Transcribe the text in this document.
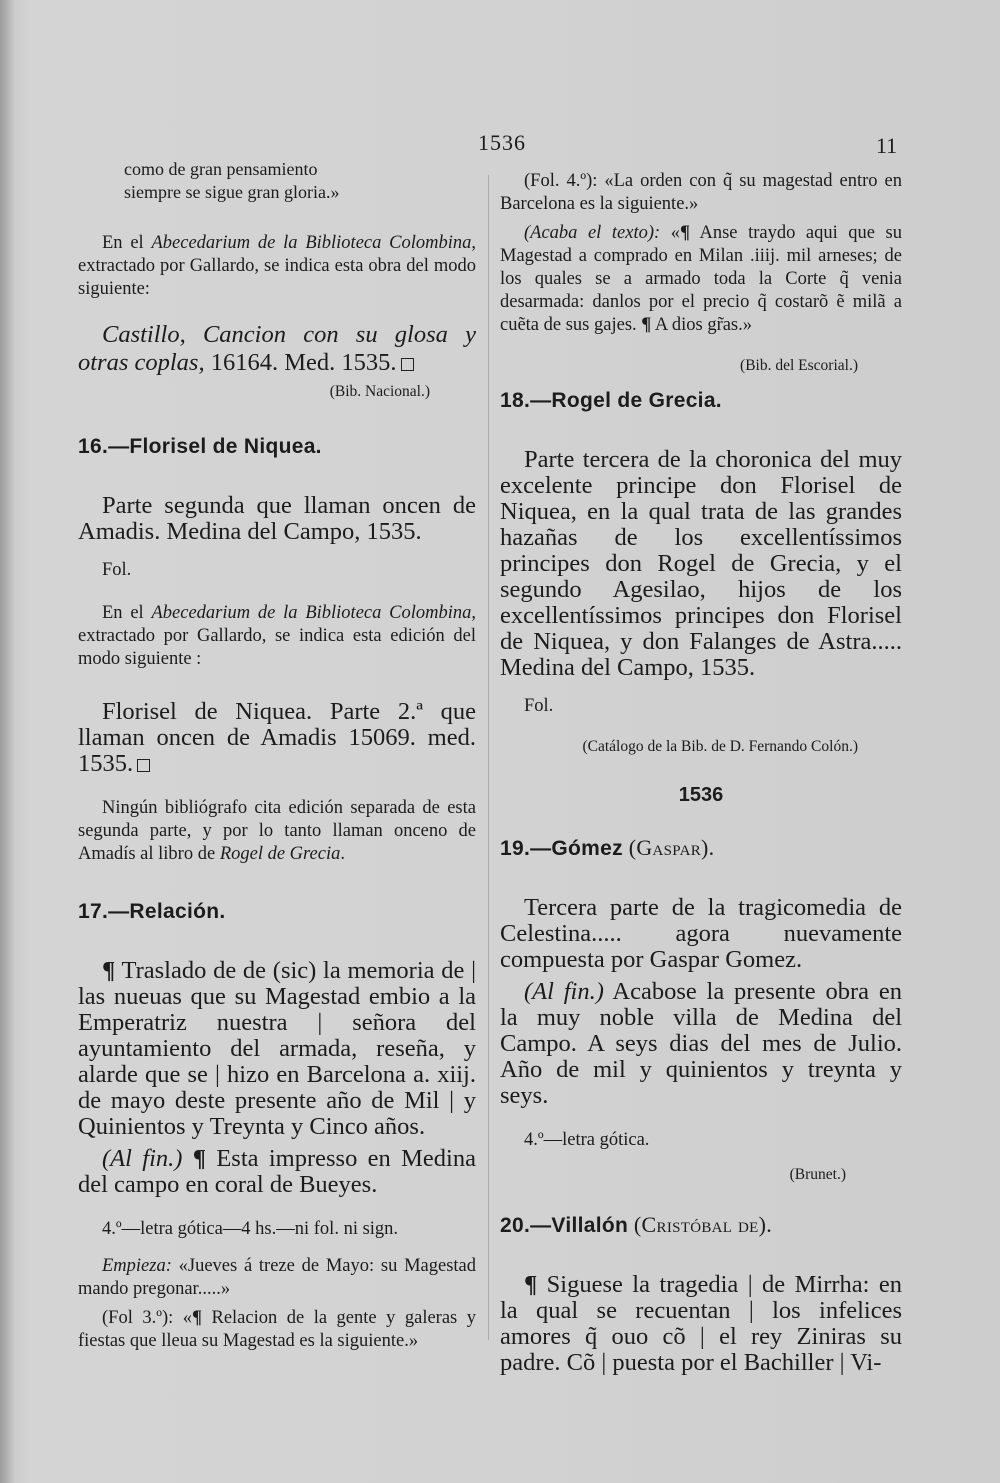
1536	11
como de gran pensamiento
siempre se sigue gran gloria.»

En el Abecedarium de la Biblioteca Colombina, extractado por Gallardo, se indica esta obra del modo siguiente:

Castillo, Cancion con su glosa y otras coplas, 16164. Med. 1535.

(Bib. Nacional.)

16.—Florisel de Niquea.

Parte segunda que llaman oncen de Amadis. Medina del Campo, 1535.

Fol.

En el Abecedarium de la Biblioteca Colombina, extractado por Gallardo, se indica esta edición del modo siguiente :

Florisel de Niquea. Parte 2.ª que llaman oncen de Amadis 15069. med. 1535.

Ningún bibliógrafo cita edición separada de esta segunda parte, y por lo tanto llaman onceno de Amadís al libro de Rogel de Grecia.

17.—Relación.

¶ Traslado de de (sic) la memoria de | las nueuas que su Magestad embio a la Emperatriz nuestra | señora del ayuntamiento del armada, reseña, y alarde que se | hizo en Barcelona a. xiij. de mayo deste presente año de Mil | y Quinientos y Treynta y Cinco años.

(Al fin.) ¶ Esta impresso en Medina del campo en coral de Bueyes.

4.º—letra gótica—4 hs.—ni fol. ni sign.

Empieza: «Jueves á treze de Mayo: su Magestad mando pregonar.....»

(Fol 3.º): «¶ Relacion de la gente y galeras y fiestas que lleua su Magestad es la siguiente.»

(Fol. 4.º): «La orden con q̃ su magestad entro en Barcelona es la siguiente.»

(Acaba el texto): «¶ Anse traydo aqui que su Magestad a comprado en Milan .iiij. mil arneses; de los quales se a armado toda la Corte q̃ venia desarmada: danlos por el precio q̃ costarõ ẽ milã a cuẽta de sus gajes. ¶ A dios gr̃as.»

(Bib. del Escorial.)

18.—Rogel de Grecia.

Parte tercera de la choronica del muy excelente principe don Florisel de Niquea, en la qual trata de las grandes hazañas de los excellentíssimos principes don Rogel de Grecia, y el segundo Agesilao, hijos de los excellentíssimos principes don Florisel de Niquea, y don Falanges de Astra..... Medina del Campo, 1535.

Fol.

(Catálogo de la Bib. de D. Fernando Colón.)

1536

19.—Gómez (Gaspar).

Tercera parte de la tragicomedia de Celestina..... agora nuevamente compuesta por Gaspar Gomez.

(Al fin.) Acabose la presente obra en la muy noble villa de Medina del Campo. A seys dias del mes de Julio. Año de mil y quinientos y treynta y seys.

4.º—letra gótica.

(Brunet.)

20.—Villalón (Cristóbal de).

¶ Siguese la tragedia | de Mirrha: en la qual se recuentan | los infelices amores q̃ ouo cõ | el rey Ziniras su padre. Cõ | puesta por el Bachiller | Vi-
